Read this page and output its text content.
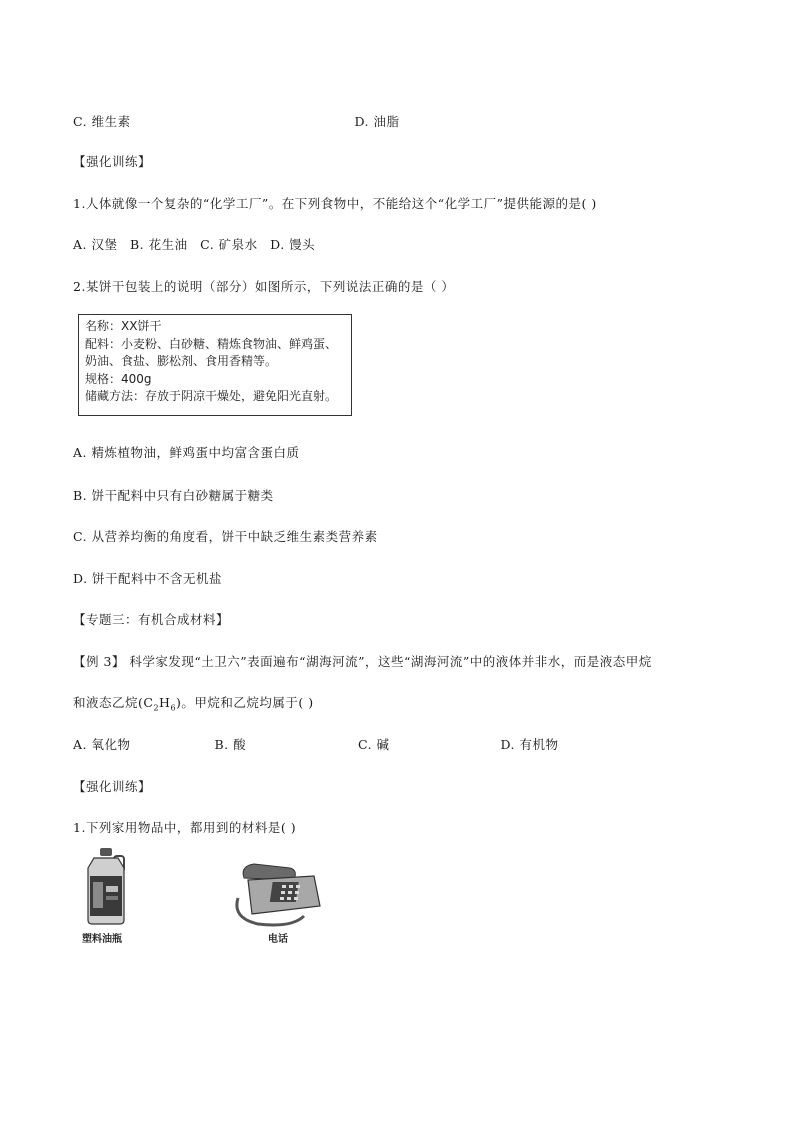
C. 维生素	D. 油脂
【强化训练】
1.人体就像一个复杂的“化学工厂”。在下列食物中，不能给这个“化学工厂”提供能源的是( )
A. 汉堡 B. 花生油 C. 矿泉水 D. 馒头
2.某饼干包装上的说明（部分）如图所示，下列说法正确的是（ ）
名称：XX饼干
配料：小麦粉、白砂糖、精炼食物油、鲜鸡蛋、
奶油、食盐、膨松剂、食用香精等。
规格：400g
储藏方法：存放于阴凉干燥处，避免阳光直射。
A. 精炼植物油，鲜鸡蛋中均富含蛋白质
B. 饼干配料中只有白砂糖属于糖类
C. 从营养均衡的角度看，饼干中缺乏维生素类营养素
D. 饼干配料中不含无机盐
【专题三：有机合成材料】
【例 3】 科学家发现“土卫六”表面遍布“湖海河流”，这些“湖海河流”中的液体并非水，而是液态甲烷
和液态乙烷$(C_2H_6)$。甲烷和乙烷均属于( )
A. 氧化物	B. 酸	C. 碱	D. 有机物
【强化训练】
1.下列家用物品中，都用到的材料是( )
塑料油瓶	电话
